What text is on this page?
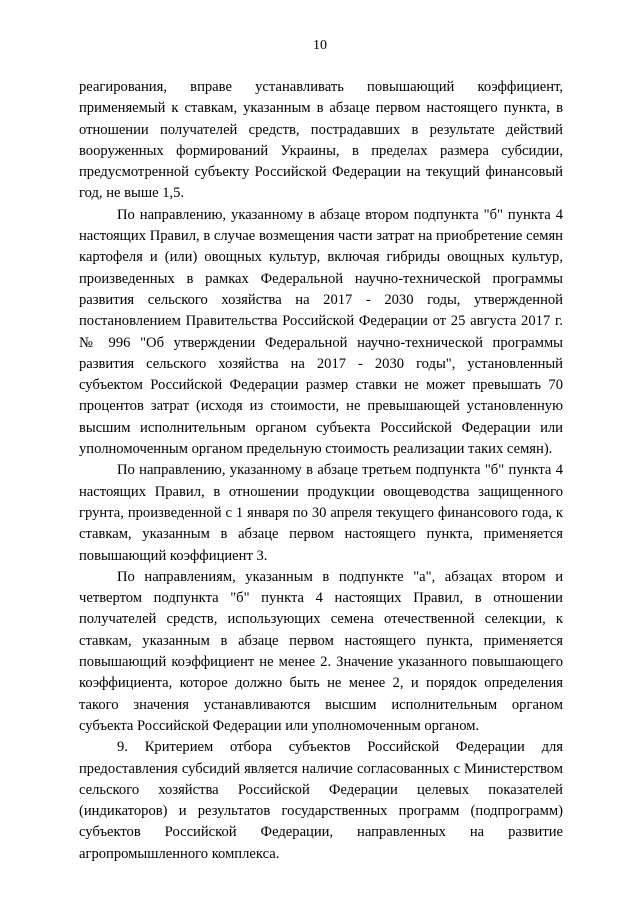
10

реагирования, вправе устанавливать повышающий коэффициент, применяемый к ставкам, указанным в абзаце первом настоящего пункта, в отношении получателей средств, пострадавших в результате действий вооруженных формирований Украины, в пределах размера субсидии, предусмотренной субъекту Российской Федерации на текущий финансовый год, не выше 1,5.

По направлению, указанному в абзаце втором подпункта "б" пункта 4 настоящих Правил, в случае возмещения части затрат на приобретение семян картофеля и (или) овощных культур, включая гибриды овощных культур, произведенных в рамках Федеральной научно-технической программы развития сельского хозяйства на 2017 - 2030 годы, утвержденной постановлением Правительства Российской Федерации от 25 августа 2017 г. № 996 "Об утверждении Федеральной научно-технической программы развития сельского хозяйства на 2017 - 2030 годы", установленный субъектом Российской Федерации размер ставки не может превышать 70 процентов затрат (исходя из стоимости, не превышающей установленную высшим исполнительным органом субъекта Российской Федерации или уполномоченным органом предельную стоимость реализации таких семян).

По направлению, указанному в абзаце третьем подпункта "б" пункта 4 настоящих Правил, в отношении продукции овощеводства защищенного грунта, произведенной с 1 января по 30 апреля текущего финансового года, к ставкам, указанным в абзаце первом настоящего пункта, применяется повышающий коэффициент 3.

По направлениям, указанным в подпункте "а", абзацах втором и четвертом подпункта "б" пункта 4 настоящих Правил, в отношении получателей средств, использующих семена отечественной селекции, к ставкам, указанным в абзаце первом настоящего пункта, применяется повышающий коэффициент не менее 2. Значение указанного повышающего коэффициента, которое должно быть не менее 2, и порядок определения такого значения устанавливаются высшим исполнительным органом субъекта Российской Федерации или уполномоченным органом.

9. Критерием отбора субъектов Российской Федерации для предоставления субсидий является наличие согласованных с Министерством сельского хозяйства Российской Федерации целевых показателей (индикаторов) и результатов государственных программ (подпрограмм) субъектов Российской Федерации, направленных на развитие агропромышленного комплекса.
